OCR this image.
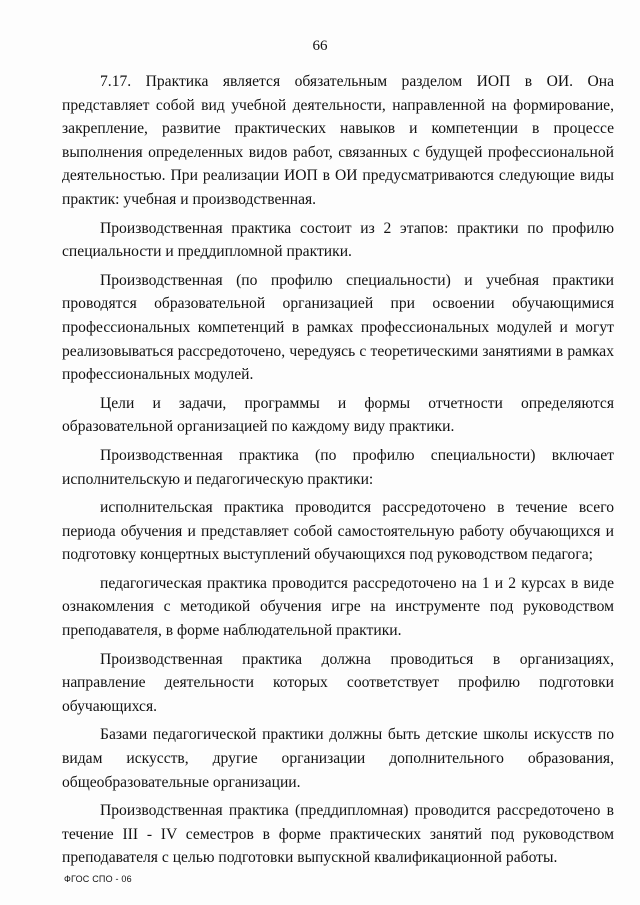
66

7.17. Практика является обязательным разделом ИОП в ОИ. Она представляет собой вид учебной деятельности, направленной на формирование, закрепление, развитие практических навыков и компетенции в процессе выполнения определенных видов работ, связанных с будущей профессиональной деятельностью. При реализации ИОП в ОИ предусматриваются следующие виды практик: учебная и производственная.

Производственная практика состоит из 2 этапов: практики по профилю специальности и преддипломной практики.

Производственная (по профилю специальности) и учебная практики проводятся образовательной организацией при освоении обучающимися профессиональных компетенций в рамках профессиональных модулей и могут реализовываться рассредоточено, чередуясь с теоретическими занятиями в рамках профессиональных модулей.

Цели и задачи, программы и формы отчетности определяются образовательной организацией по каждому виду практики.

Производственная практика (по профилю специальности) включает исполнительскую и педагогическую практики:

исполнительская практика проводится рассредоточено в течение всего периода обучения и представляет собой самостоятельную работу обучающихся и подготовку концертных выступлений обучающихся под руководством педагога;

педагогическая практика проводится рассредоточено на 1 и 2 курсах в виде ознакомления с методикой обучения игре на инструменте под руководством преподавателя, в форме наблюдательной практики.

Производственная практика должна проводиться в организациях, направление деятельности которых соответствует профилю подготовки обучающихся.

Базами педагогической практики должны быть детские школы искусств по видам искусств, другие организации дополнительного образования, общеобразовательные организации.

Производственная практика (преддипломная) проводится рассредоточено в течение III - IV семестров в форме практических занятий под руководством преподавателя с целью подготовки выпускной квалификационной работы.

ФГОС СПО - 06
